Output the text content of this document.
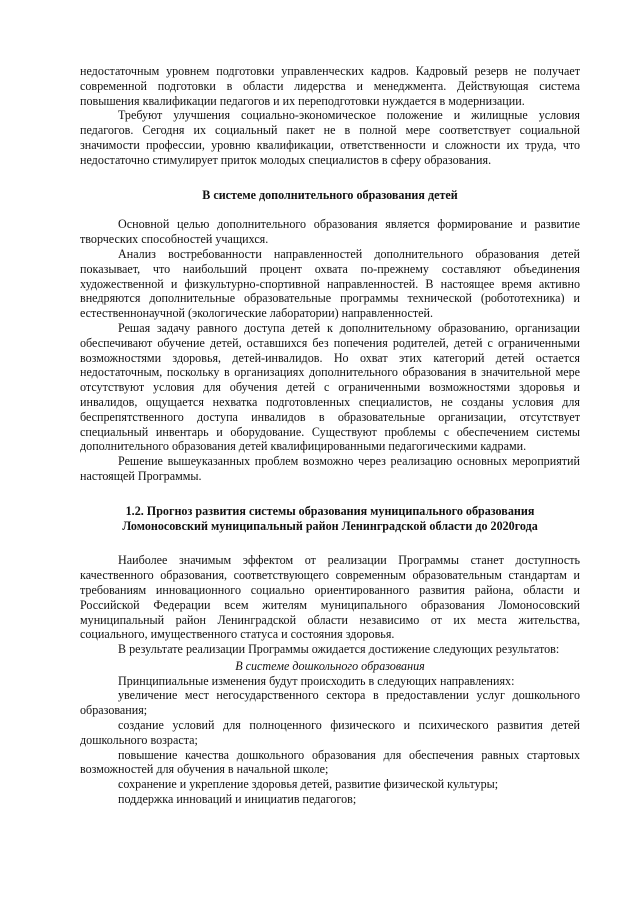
недостаточным уровнем подготовки управленческих кадров. Кадровый резерв не получает современной подготовки в области лидерства и менеджмента. Действующая система повышения квалификации педагогов и их переподготовки нуждается в модернизации.

Требуют улучшения социально-экономическое положение и жилищные условия педагогов. Сегодня их социальный пакет не в полной мере соответствует социальной значимости профессии, уровню квалификации, ответственности и сложности их труда, что недостаточно стимулирует приток молодых специалистов в сферу образования.

В системе дополнительного образования детей

Основной целью дополнительного образования является формирование и развитие творческих способностей учащихся.

Анализ востребованности направленностей дополнительного образования детей показывает, что наибольший процент охвата по-прежнему составляют объединения художественной и физкультурно-спортивной направленностей. В настоящее время активно внедряются дополнительные образовательные программы технической (робототехника) и естественнонаучной (экологические лаборатории) направленностей.

Решая задачу равного доступа детей к дополнительному образованию, организации обеспечивают обучение детей, оставшихся без попечения родителей, детей с ограниченными возможностями здоровья, детей-инвалидов. Но охват этих категорий детей остается недостаточным, поскольку в организациях дополнительного образования в значительной мере отсутствуют условия для обучения детей с ограниченными возможностями здоровья и инвалидов, ощущается нехватка подготовленных специалистов, не созданы условия для беспрепятственного доступа инвалидов в образовательные организации, отсутствует специальный инвентарь и оборудование. Существуют проблемы с обеспечением системы дополнительного образования детей квалифицированными педагогическими кадрами.

Решение вышеуказанных проблем возможно через реализацию основных мероприятий настоящей Программы.

1.2. Прогноз развития системы образования муниципального образования
Ломоносовский муниципальный район Ленинградской области до 2020года

Наиболее значимым эффектом от реализации Программы станет доступность качественного образования, соответствующего современным образовательным стандартам и требованиям инновационного социально ориентированного развития района, области и Российской Федерации всем жителям муниципального образования Ломоносовский муниципальный район Ленинградской области независимо от их места жительства, социального, имущественного статуса и состояния здоровья.

В результате реализации Программы ожидается достижение следующих результатов:

В системе дошкольного образования

Принципиальные изменения будут происходить в следующих направлениях:

увеличение мест негосударственного сектора в предоставлении услуг дошкольного образования;

создание условий для полноценного физического и психического развития детей дошкольного возраста;

повышение качества дошкольного образования для обеспечения равных стартовых возможностей для обучения в начальной школе;

сохранение и укрепление здоровья детей, развитие физической культуры;

поддержка инноваций и инициатив педагогов;
